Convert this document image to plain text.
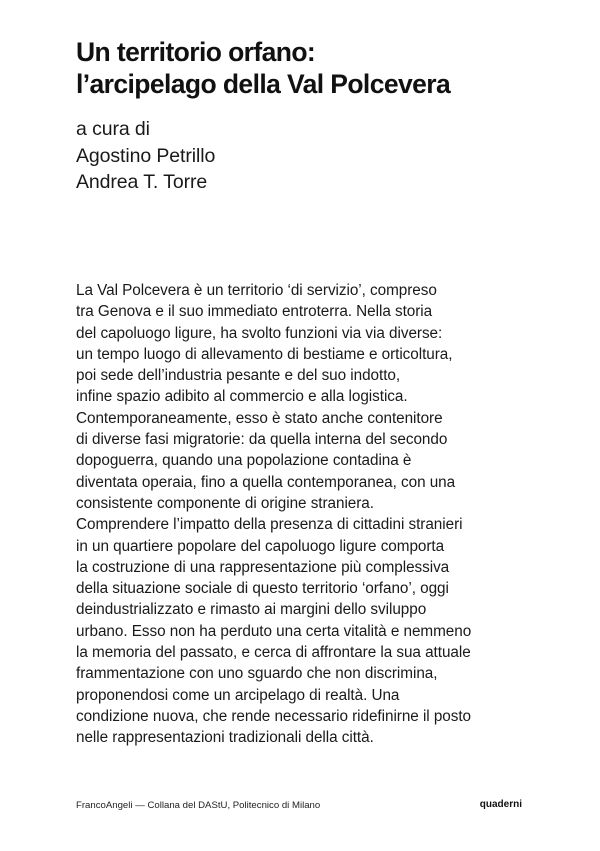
Un territorio orfano:
l’arcipelago della Val Polcevera
a cura di
Agostino Petrillo
Andrea T. Torre
La Val Polcevera è un territorio ‘di servizio’, compreso
tra Genova e il suo immediato entroterra. Nella storia
del capoluogo ligure, ha svolto funzioni via via diverse:
un tempo luogo di allevamento di bestiame e orticoltura,
poi sede dell’industria pesante e del suo indotto,
infine spazio adibito al commercio e alla logistica.
Contemporaneamente, esso è stato anche contenitore
di diverse fasi migratorie: da quella interna del secondo
dopoguerra, quando una popolazione contadina è
diventata operaia, fino a quella contemporanea, con una
consistente componente di origine straniera.
Comprendere l’impatto della presenza di cittadini stranieri
in un quartiere popolare del capoluogo ligure comporta
la costruzione di una rappresentazione più complessiva
della situazione sociale di questo territorio ‘orfano’, oggi
deindustrializzato e rimasto ai margini dello sviluppo
urbano. Esso non ha perduto una certa vitalità e nemmeno
la memoria del passato, e cerca di affrontare la sua attuale
frammentazione con uno sguardo che non discrimina,
proponendosi come un arcipelago di realtà. Una
condizione nuova, che rende necessario ridefinirne il posto
nelle rappresentazioni tradizionali della città.
FrancoAngeli — Collana del DAStU, Politecnico di Milano	quaderni
